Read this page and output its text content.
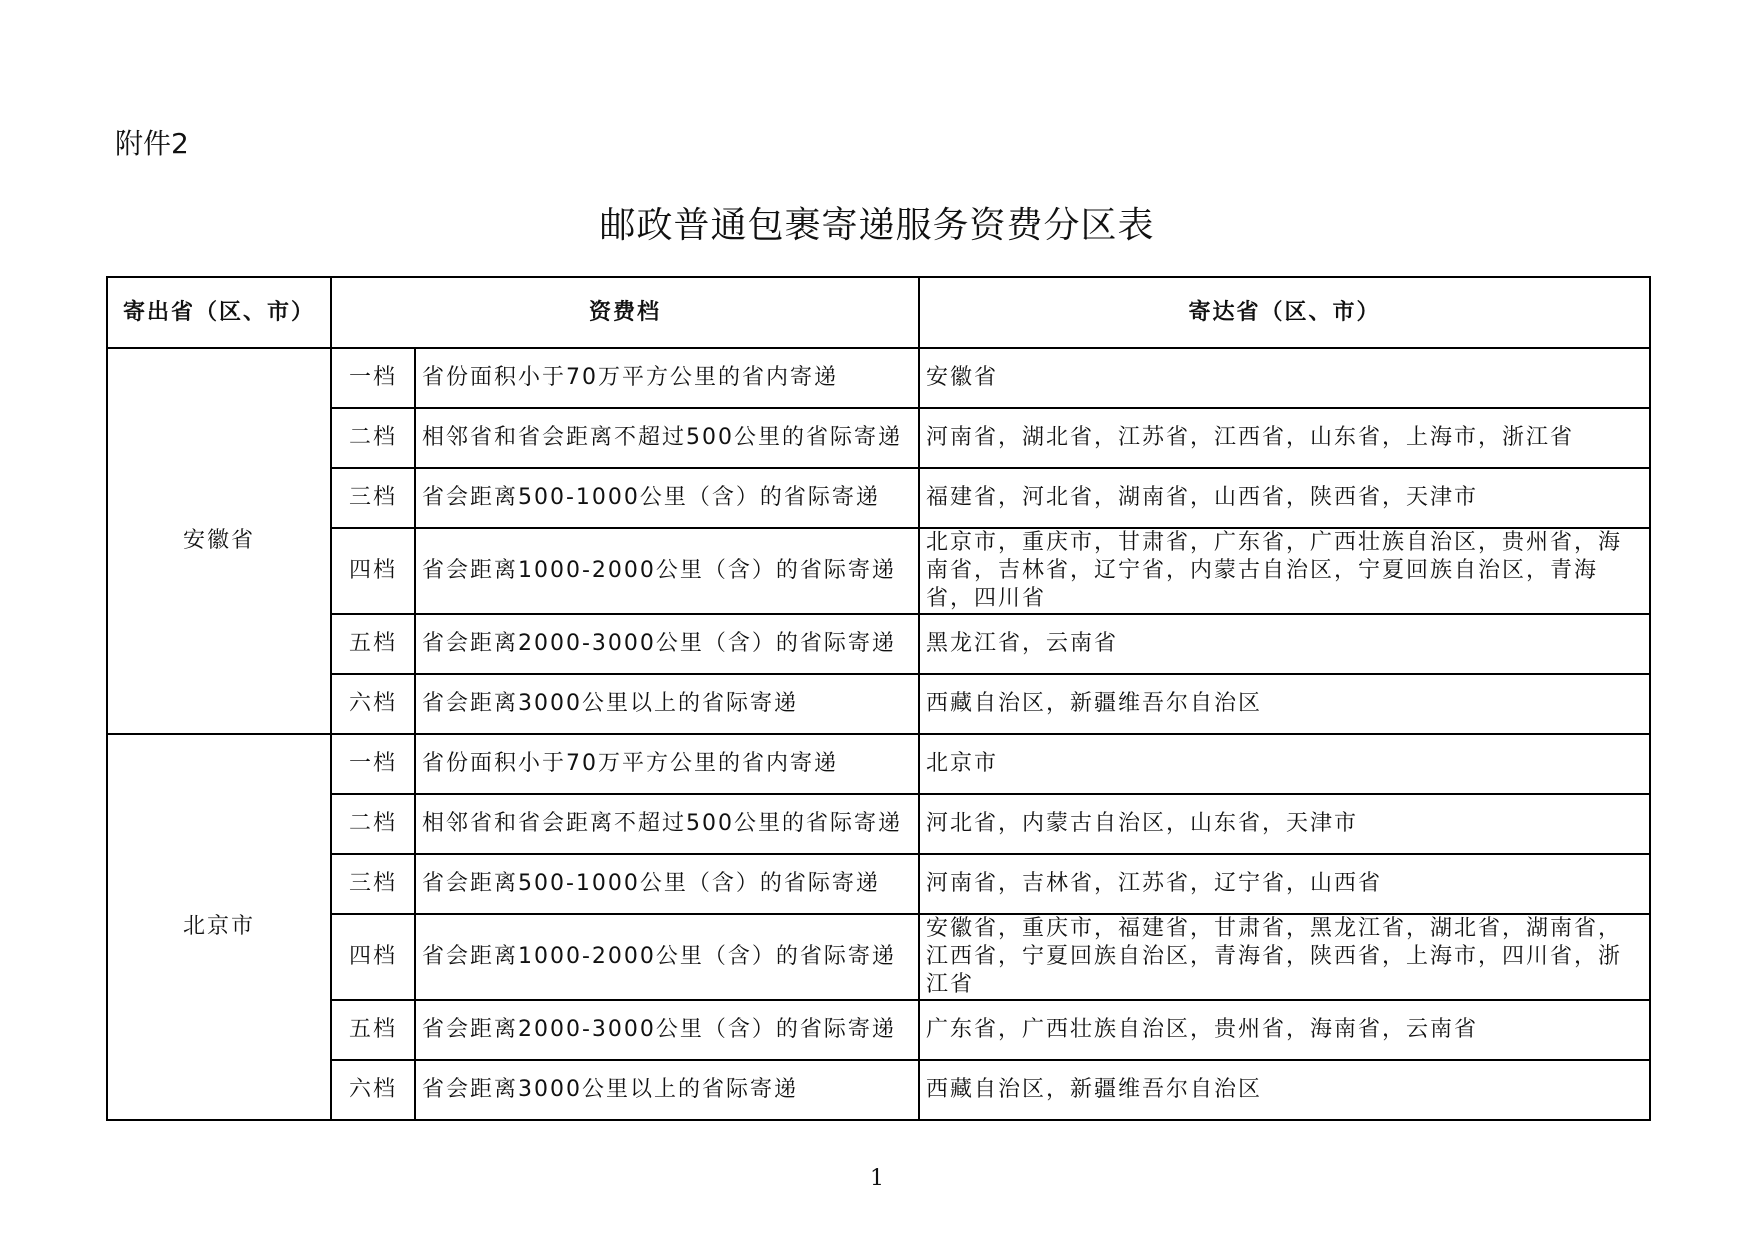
附件2
邮政普通包裹寄递服务资费分区表
寄出省（区、市）	资费档		寄达省（区、市）
安徽省	一档	省份面积小于70万平方公里的省内寄递	安徽省
	二档	相邻省和省会距离不超过500公里的省际寄递	河南省，湖北省，江苏省，江西省，山东省，上海市，浙江省
	三档	省会距离500-1000公里（含）的省际寄递	福建省，河北省，湖南省，山西省，陕西省，天津市
	四档	省会距离1000-2000公里（含）的省际寄递	北京市，重庆市，甘肃省，广东省，广西壮族自治区，贵州省，海南省，吉林省，辽宁省，内蒙古自治区，宁夏回族自治区，青海省，四川省
	五档	省会距离2000-3000公里（含）的省际寄递	黑龙江省，云南省
	六档	省会距离3000公里以上的省际寄递	西藏自治区，新疆维吾尔自治区
北京市	一档	省份面积小于70万平方公里的省内寄递	北京市
	二档	相邻省和省会距离不超过500公里的省际寄递	河北省，内蒙古自治区，山东省，天津市
	三档	省会距离500-1000公里（含）的省际寄递	河南省，吉林省，江苏省，辽宁省，山西省
	四档	省会距离1000-2000公里（含）的省际寄递	安徽省，重庆市，福建省，甘肃省，黑龙江省，湖北省，湖南省，江西省，宁夏回族自治区，青海省，陕西省，上海市，四川省，浙江省
	五档	省会距离2000-3000公里（含）的省际寄递	广东省，广西壮族自治区，贵州省，海南省，云南省
	六档	省会距离3000公里以上的省际寄递	西藏自治区，新疆维吾尔自治区
1
